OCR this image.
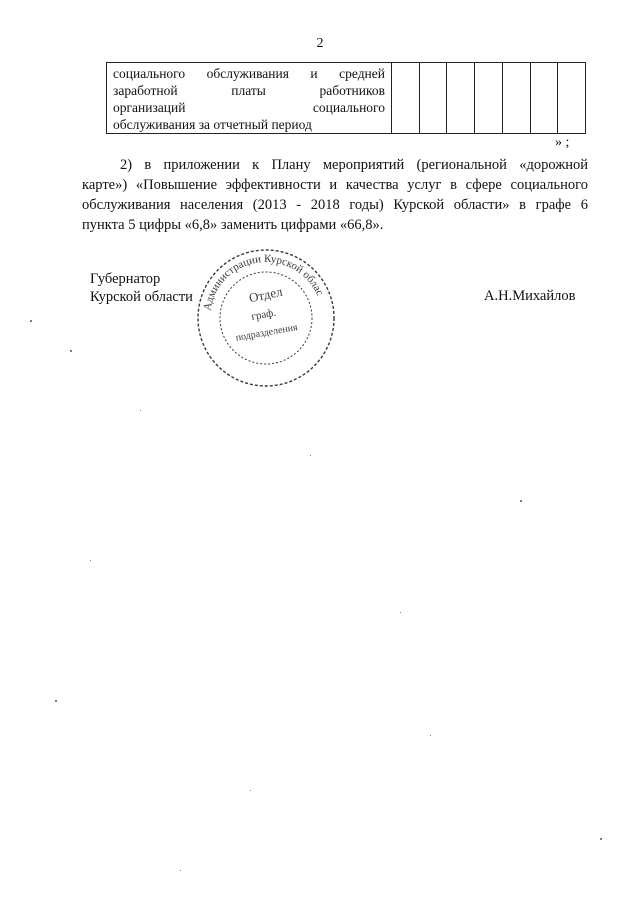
2
социального обслуживания и средней
заработной платы работников
организаций социального
обслуживания за отчетный период

» ;
2) в приложении к Плану мероприятий (региональной «дорожной
карте») «Повышение эффективности и качества услуг в сфере социального
обслуживания населения (2013 - 2018 годы) Курской области» в графе 6
пункта 5 цифры «6,8» заменить цифрами «66,8».
Губернатор
Курской области	А.Н.Михайлов
Администрации Курской облас
Отдел
граф.
подразделения
